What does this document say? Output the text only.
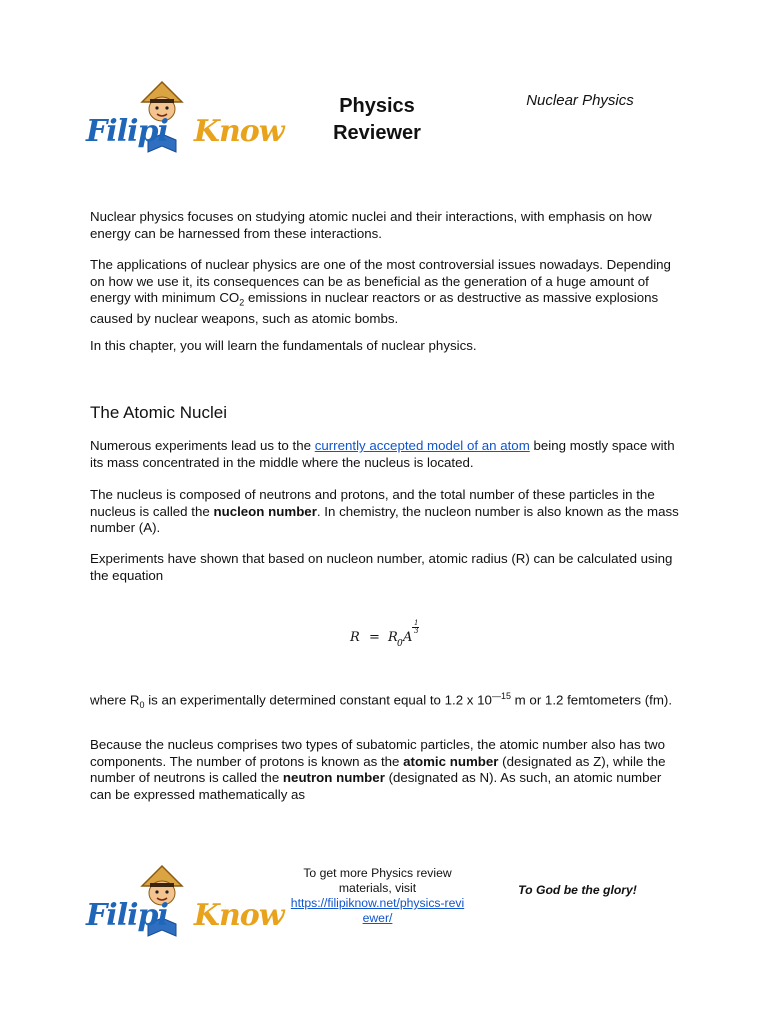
Filipi Know
Physics
Reviewer
Nuclear Physics

Nuclear physics focuses on studying atomic nuclei and their interactions, with emphasis on how energy can be harnessed from these interactions.

The applications of nuclear physics are one of the most controversial issues nowadays. Depending on how we use it, its consequences can be as beneficial as the generation of a huge amount of energy with minimum $CO_2$ emissions in nuclear reactors or as destructive as massive explosions caused by nuclear weapons, such as atomic bombs.

In this chapter, you will learn the fundamentals of nuclear physics.

The Atomic Nuclei

Numerous experiments lead us to the currently accepted model of an atom being mostly space with its mass concentrated in the middle where the nucleus is located.

The nucleus is composed of neutrons and protons, and the total number of these particles in the nucleus is called the nucleon number. In chemistry, the nucleon number is also known as the mass number (A).

Experiments have shown that based on nucleon number, atomic radius (R) can be calculated using the equation

R = R 0 A
1
3

where $R_0$ is an experimentally determined constant equal to 1.2 x $10^{—15}$ m or 1.2 femtometers (fm).

Because the nucleus comprises two types of subatomic particles, the atomic number also has two components. The number of protons is known as the atomic number (designated as Z), while the number of neutrons is called the neutron number (designated as N). As such, an atomic number can be expressed mathematically as

Filipi Know
To get more Physics review materials, visit
https://filipiknow.net/physics-revi
ewer/
To God be the glory!
